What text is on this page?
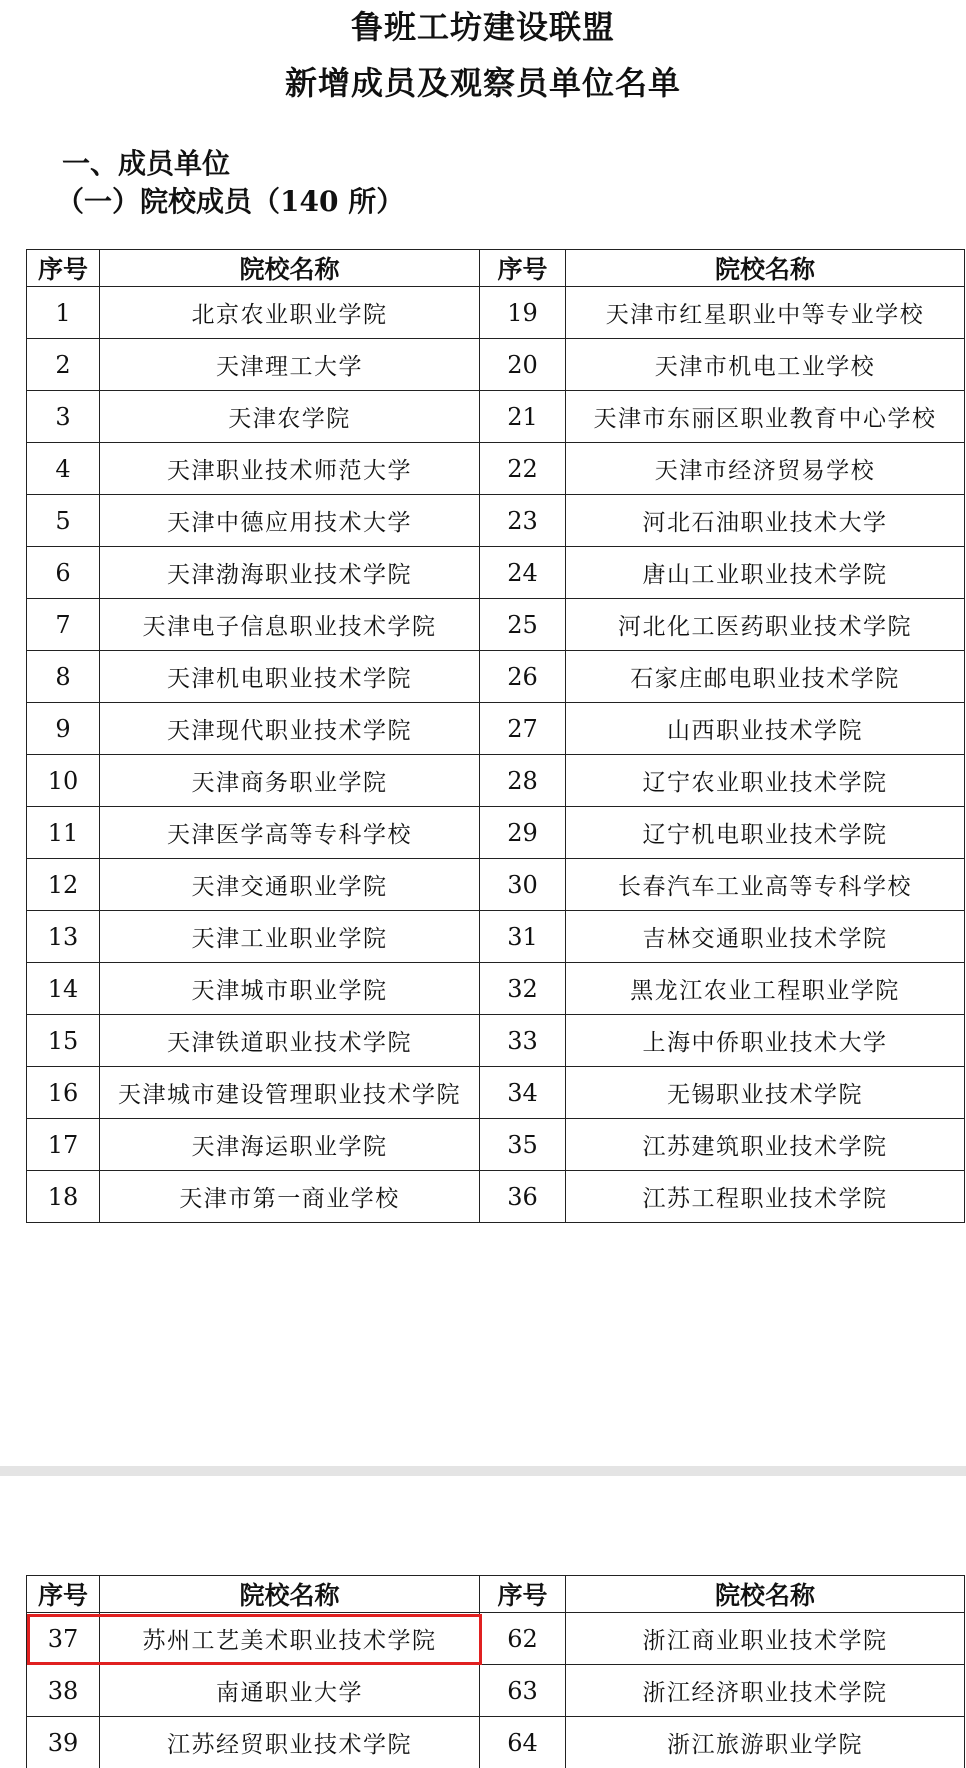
鲁班工坊建设联盟
新增成员及观察员单位名单
一、成员单位
（一）院校成员（140 所）
序号	院校名称	序号	院校名称
1	北京农业职业学院	19	天津市红星职业中等专业学校
2	天津理工大学	20	天津市机电工业学校
3	天津农学院	21	天津市东丽区职业教育中心学校
4	天津职业技术师范大学	22	天津市经济贸易学校
5	天津中德应用技术大学	23	河北石油职业技术大学
6	天津渤海职业技术学院	24	唐山工业职业技术学院
7	天津电子信息职业技术学院	25	河北化工医药职业技术学院
8	天津机电职业技术学院	26	石家庄邮电职业技术学院
9	天津现代职业技术学院	27	山西职业技术学院
10	天津商务职业学院	28	辽宁农业职业技术学院
11	天津医学高等专科学校	29	辽宁机电职业技术学院
12	天津交通职业学院	30	长春汽车工业高等专科学校
13	天津工业职业学院	31	吉林交通职业技术学院
14	天津城市职业学院	32	黑龙江农业工程职业学院
15	天津铁道职业技术学院	33	上海中侨职业技术大学
16	天津城市建设管理职业技术学院	34	无锡职业技术学院
17	天津海运职业学院	35	江苏建筑职业技术学院
18	天津市第一商业学校	36	江苏工程职业技术学院
序号	院校名称	序号	院校名称
37	苏州工艺美术职业技术学院	62	浙江商业职业技术学院
38	南通职业大学	63	浙江经济职业技术学院
39	江苏经贸职业技术学院	64	浙江旅游职业学院
